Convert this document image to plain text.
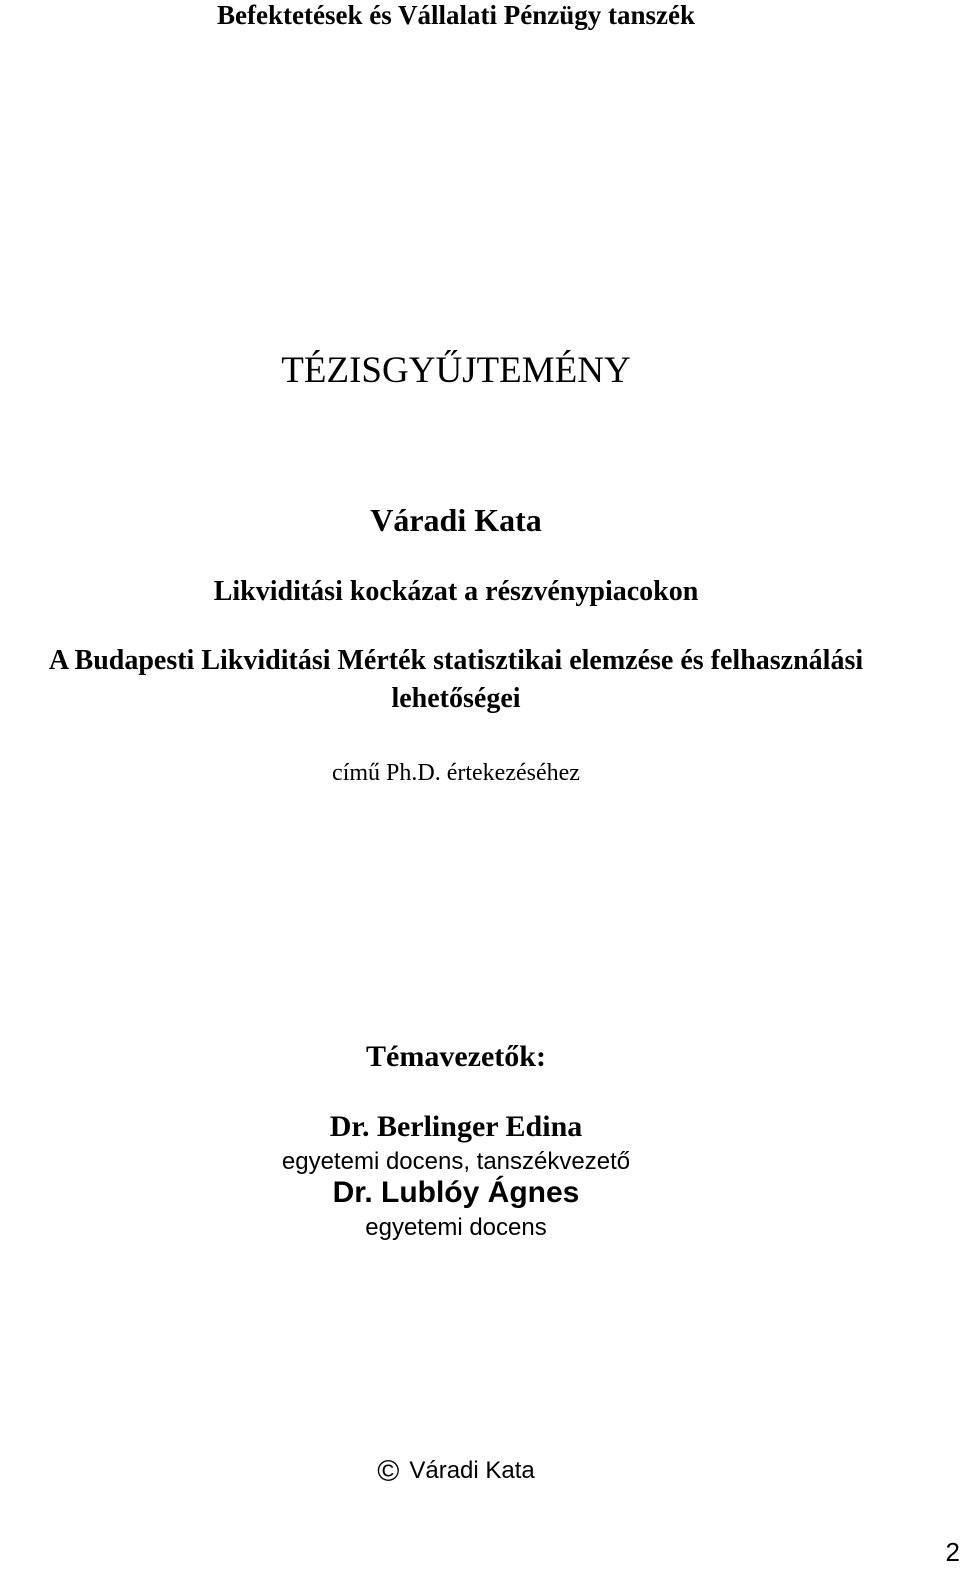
Befektetések és Vállalati Pénzügy tanszék
TÉZISGYŰJTEMÉNY
Váradi Kata
Likviditási kockázat a részvénypiacokon
A Budapesti Likviditási Mérték statisztikai elemzése és felhasználási
lehetőségei
című Ph.D. értekezéséhez
Témavezetők:
Dr. Berlinger Edina
egyetemi docens, tanszékvezető
Dr. Lublóy Ágnes
egyetemi docens
© Váradi Kata
2
